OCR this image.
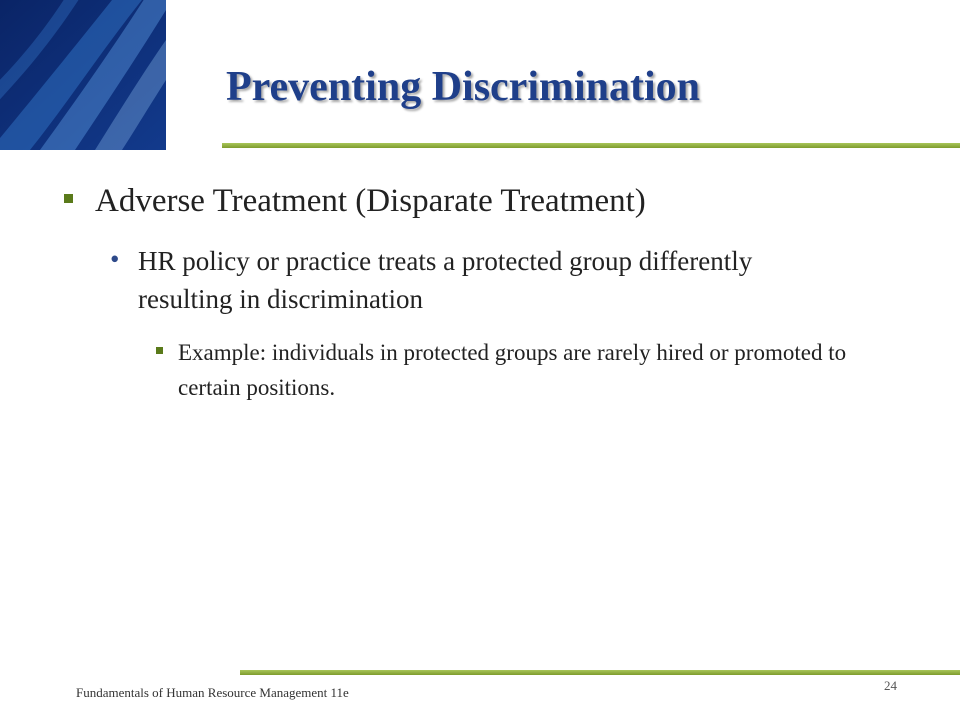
Preventing Discrimination
Adverse Treatment (Disparate Treatment)
• HR policy or practice treats a protected group differently resulting in discrimination
Example: individuals in protected groups are rarely hired or promoted to certain positions.
Fundamentals of Human Resource Management 11e	24
